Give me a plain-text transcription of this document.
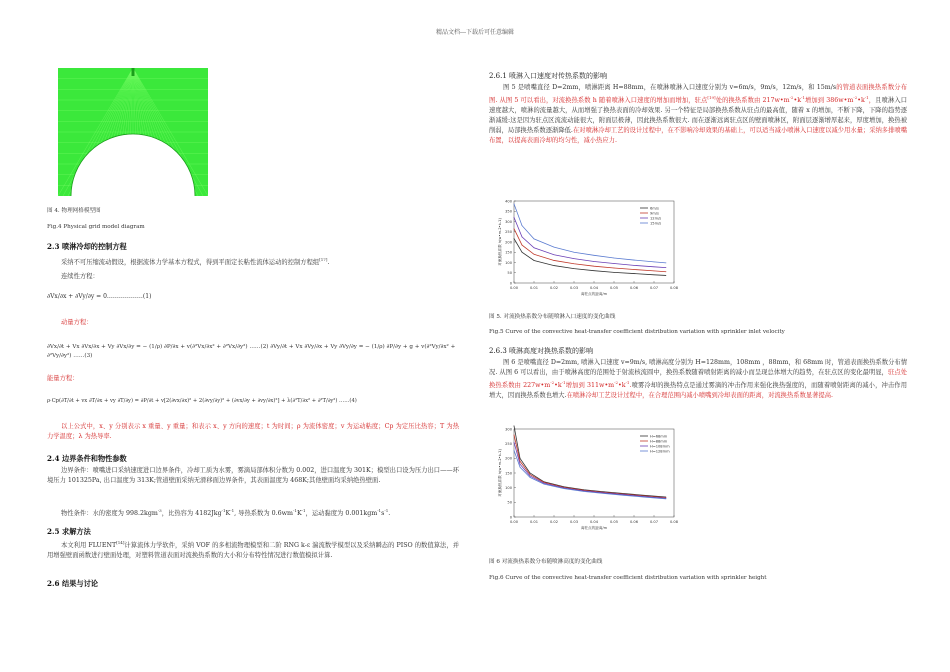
精品文档---下载后可任意编辑
图 4. 物理网格模型图
Fig.4 Physical grid model diagram
2.3 喷淋冷却的控制方程
采纳不可压缩流动假设，根据流体力学基本方程式，得到平面定长粘性流体运动的控制方程组[17].
连续性方程：
∂Vx/∂x + ∂Vy/∂y = 0………………(1)
动量方程：
∂Vx/∂t + Vx ∂Vx/∂x + Vy ∂Vx/∂y = − (1/ρ) ∂P/∂x + v(∂²Vx/∂x² + ∂²Vx/∂y²) ……(2) ∂Vy/∂t + Vx ∂Vy/∂x + Vy ∂Vy/∂y = − (1/ρ) ∂P/∂y + g + v(∂²Vy/∂x² + ∂²Vy/∂y²) ……(3)
能量方程：
ρ·Cp(∂T/∂t + vx ∂T/∂x + vy ∂T/∂y) = ∂P/∂t + v[2(∂vx/∂x)² + 2(∂vy/∂y)² + (∂vx/∂y + ∂vy/∂x)²] + λ(∂²T/∂x² + ∂²T/∂y²) ……(4)
以上公式中，x、y 分别表示 x 重量、y 重量；和表示 x、y 方向的速度；t 为时间；ρ 为流体密度；v 为运动粘度；Cp 为定压比热容；T 为热力学温度；λ 为热导率.
2.4 边界条件和物性参数
边界条件：喷嘴进口采纳速度进口边界条件，冷却工质为水雾，雾滴局部体积分数为 0.002，进口温度为 301K；模型出口设为压力出口——环境压力 101325Pa, 出口温度为 313K;管道壁面采纳无滑移面边界条件，其表面温度为 468K;其他壁面均采纳绝热壁面.
物性条件：水的密度为 998.2kgm$^{-3}$，比热容为 $4182Jkg^{-1}K^{-1}$, 导热系数为 $0.6wm^{-1}K^{-1}$，运动黏度为 $0.001kgm^{-1}s^{-1}$.
2.5 求解方法
本文利用 FLUENT[14]计算流体力学软件，采纳 VOF 的多相流物理模型和二阶 RNG k-ε 湍流数学模型以及采纳瞬态的 PISO 的数值算法，并用增强壁面函数进行壁面处理，对塑料管道表面对流换热系数的大小和分布特性情况进行数值模拟计算.
2.6 结果与讨论
2.6.1 喷淋入口速度对传热系数的影响
图 5 是喷嘴直径 D=2mm，喷淋距离 H=88mm，在喷淋喷淋入口速度分别为 v=6m/s，9m/s，12m/s，和 15m/s的管道表面换热系数分布图. 从图 5 可以看出，对流换热系数 h 随着喷淋入口速度的增加而增加，驻点[19]处的换热系数由 $217w•m^{-2}•k^{-1}$增加到 $386w•m^{-2}•k^{-1}$，且喷淋入口速度越大，喷淋的流量越大，从而增强了换热表面的冷却效果. 另一个特征是局部换热系数从驻点的最高值，随着 x 的增加，不断下降，下降的趋势逐渐减缓:这是因为驻点区流流动能很大，附面层极薄，因此换热系数很大. 而在逐渐远离驻点区的壁面喷淋区，附面层逐渐增厚起来，厚度增加，换热被削弱，局部换热系数逐渐降低.在对喷淋冷却工艺的设计过程中，在不影响冷却效果的基础上，可以适当减小喷淋入口速度以减少用水量；采纳多排喷嘴布置，以提高表面冷却的均匀性，减小热应力.
0.00	0.01	0.02	0.03	0.04	0.05	0.06	0.07	0.08
0
50
100
150
200
250
300
350
400
离驻点的距离/m
对流换热系数 h(w•m-2•k-1)
6m/s
9m/s
12m/s
15m/s
图 5. 对流换热系数分布随喷淋入口速度的变化曲线
Fig.5 Curve of the convective heat-transfer coefficient distribution variation with sprinkler inlet velocity
2.6.3 喷淋高度对换热系数的影响
图 6 是喷嘴直径 D=2mm, 喷淋入口速度 v=9m/s, 喷淋高度分别为 H=128mm，108mm ，88mm，和 68mm 时，管道表面换热系数分布情况. 从图 6 可以看出，由于喷淋高度的范围处于射流核流圆中，换热系数随着喷射距离的减小而呈现总体增大的趋势，在驻点区的变化最明显，驻点处换热系数由 $227w•m^{-2}•k^{-1}$增加到 $311w•m^{-2}•k^{-1}$.喷雾冷却的换热特点是通过雾滴的冲击作用来强化换热强度的，而随着喷射距离的减小，冲击作用增大，因而换热系数也增大.在喷淋冷却工艺设计过程中，在合理范围内减小喷嘴到冷却表面的距离，对流换热系数显著提高.
0.00	0.01	0.02	0.03	0.04	0.05	0.06	0.07	0.08
0
50
100
150
200
250
300
离驻点的距离/m
对流换热系数 h(w•m-2•k-1)
H=68mm
H=88mm
H=108mm
H=128mm
图 6 对流换热系数分布随喷淋高度的变化曲线
Fig.6 Curve of the convective heat-transfer coefficient distribution variation with sprinkler height
